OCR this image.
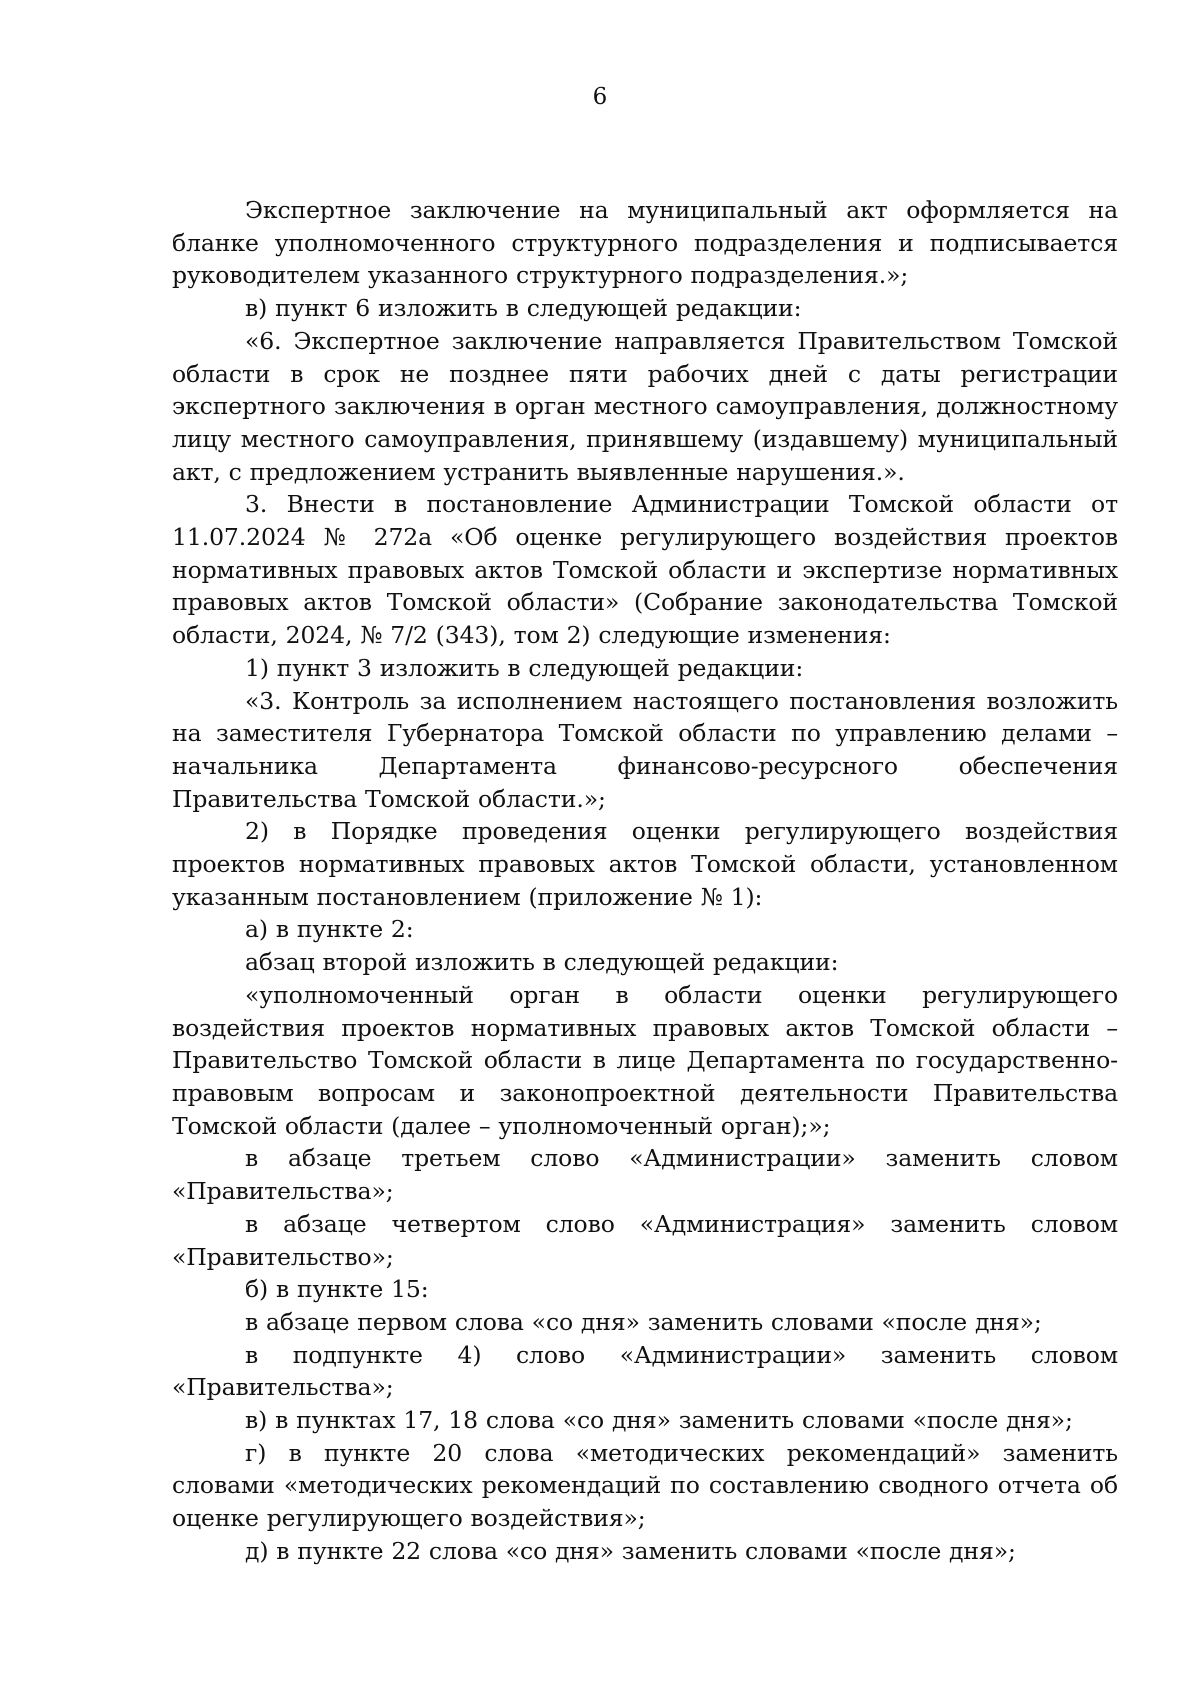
6

Экспертное заключение на муниципальный акт оформляется на бланке уполномоченного структурного подразделения и подписывается руководителем указанного структурного подразделения.»;

в) пункт 6 изложить в следующей редакции:

«6. Экспертное заключение направляется Правительством Томской области в срок не позднее пяти рабочих дней с даты регистрации экспертного заключения в орган местного самоуправления, должностному лицу местного самоуправления, принявшему (издавшему) муниципальный акт, с предложением устранить выявленные нарушения.».

3. Внести в постановление Администрации Томской области от 11.07.2024 № 272а «Об оценке регулирующего воздействия проектов нормативных правовых актов Томской области и экспертизе нормативных правовых актов Томской области» (Собрание законодательства Томской области, 2024, № 7/2 (343), том 2) следующие изменения:

1) пункт 3 изложить в следующей редакции:

«3. Контроль за исполнением настоящего постановления возложить на заместителя Губернатора Томской области по управлению делами – начальника Департамента финансово-ресурсного обеспечения Правительства Томской области.»;

2) в Порядке проведения оценки регулирующего воздействия проектов нормативных правовых актов Томской области, установленном указанным постановлением (приложение № 1):

а) в пункте 2:

абзац второй изложить в следующей редакции:

«уполномоченный орган в области оценки регулирующего воздействия проектов нормативных правовых актов Томской области – Правительство Томской области в лице Департамента по государственно-правовым вопросам и законопроектной деятельности Правительства Томской области (далее – уполномоченный орган);»;

в абзаце третьем слово «Администрации» заменить словом «Правительства»;

в абзаце четвертом слово «Администрация» заменить словом «Правительство»;

б) в пункте 15:

в абзаце первом слова «со дня» заменить словами «после дня»;

в подпункте 4) слово «Администрации» заменить словом «Правительства»;

в) в пунктах 17, 18 слова «со дня» заменить словами «после дня»;

г) в пункте 20 слова «методических рекомендаций» заменить словами «методических рекомендаций по составлению сводного отчета об оценке регулирующего воздействия»;

д) в пункте 22 слова «со дня» заменить словами «после дня»;
